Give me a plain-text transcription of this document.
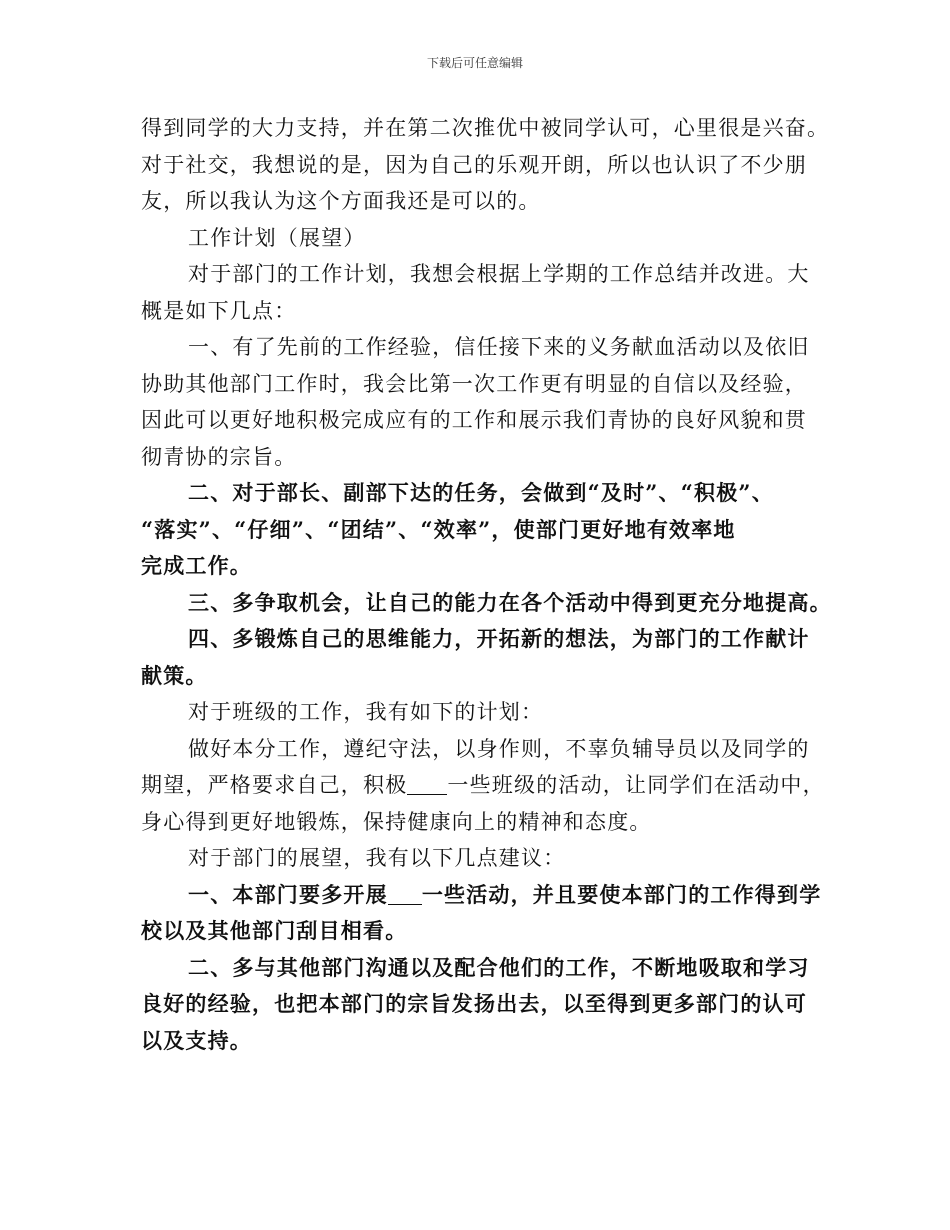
下载后可任意编辑
得到同学的大力支持，并在第二次推优中被同学认可，心里很是兴奋。
对于社交，我想说的是，因为自己的乐观开朗，所以也认识了不少朋
友，所以我认为这个方面我还是可以的。
工作计划（展望）
对于部门的工作计划，我想会根据上学期的工作总结并改进。大
概是如下几点：
一、有了先前的工作经验，信任接下来的义务献血活动以及依旧
协助其他部门工作时，我会比第一次工作更有明显的自信以及经验，
因此可以更好地积极完成应有的工作和展示我们青协的良好风貌和贯
彻青协的宗旨。
二、对于部长、副部下达的任务，会做到“及时”、“积极”、
“落实”、“仔细”、“团结”、“效率”，使部门更好地有效率地
完成工作。
三、多争取机会，让自己的能力在各个活动中得到更充分地提高。
四、多锻炼自己的思维能力，开拓新的想法，为部门的工作献计
献策。
对于班级的工作，我有如下的计划：
做好本分工作，遵纪守法，以身作则，不辜负辅导员以及同学的
期望，严格要求自己，积极 一些班级的活动，让同学们在活动中，
身心得到更好地锻炼，保持健康向上的精神和态度。
对于部门的展望，我有以下几点建议：
一、本部门要多开展 一些活动，并且要使本部门的工作得到学
校以及其他部门刮目相看。
二、多与其他部门沟通以及配合他们的工作，不断地吸取和学习
良好的经验，也把本部门的宗旨发扬出去，以至得到更多部门的认可
以及支持。
